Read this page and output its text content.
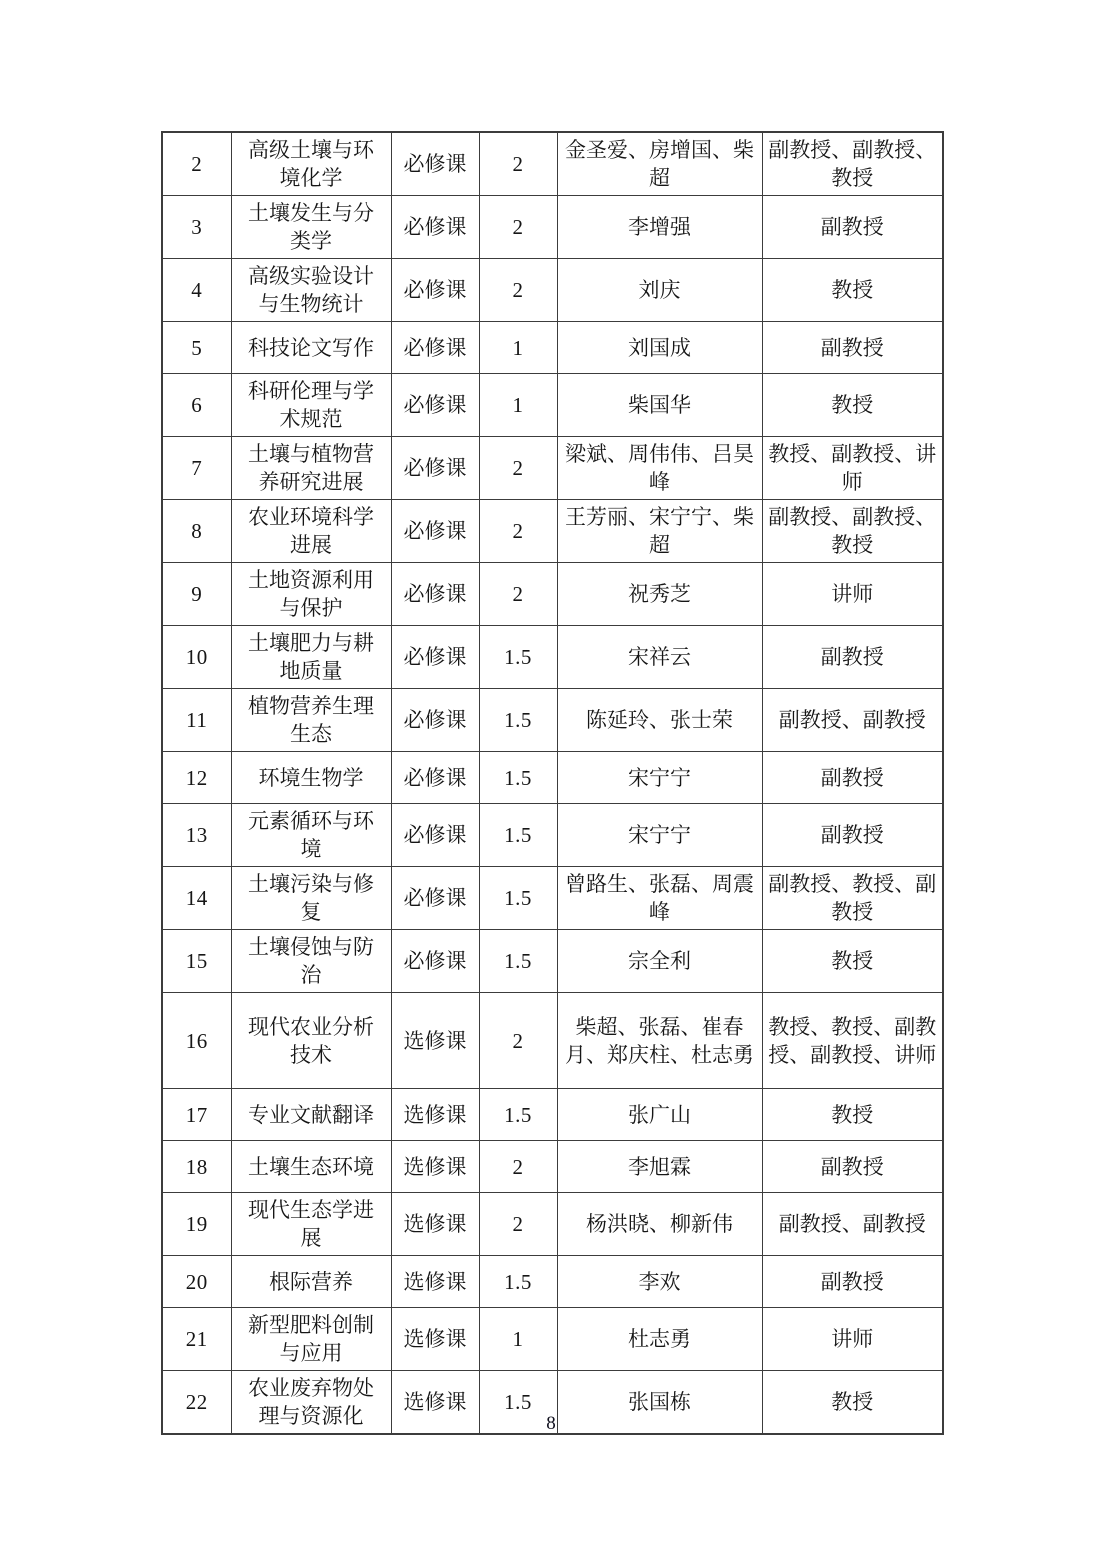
2	高级土壤与环境化学	必修课	2	金圣爱、房增国、柴超	副教授、副教授、教授
3	土壤发生与分类学	必修课	2	李增强	副教授
4	高级实验设计与生物统计	必修课	2	刘庆	教授
5	科技论文写作	必修课	1	刘国成	副教授
6	科研伦理与学术规范	必修课	1	柴国华	教授
7	土壤与植物营养研究进展	必修课	2	梁斌、周伟伟、吕昊峰	教授、副教授、讲师
8	农业环境科学进展	必修课	2	王芳丽、宋宁宁、柴超	副教授、副教授、教授
9	土地资源利用与保护	必修课	2	祝秀芝	讲师
10	土壤肥力与耕地质量	必修课	1.5	宋祥云	副教授
11	植物营养生理生态	必修课	1.5	陈延玲、张士荣	副教授、副教授
12	环境生物学	必修课	1.5	宋宁宁	副教授
13	元素循环与环境	必修课	1.5	宋宁宁	副教授
14	土壤污染与修复	必修课	1.5	曾路生、张磊、周震峰	副教授、教授、副教授
15	土壤侵蚀与防治	必修课	1.5	宗全利	教授
16	现代农业分析技术	选修课	2	柴超、张磊、崔春月、郑庆柱、杜志勇	教授、教授、副教授、副教授、讲师
17	专业文献翻译	选修课	1.5	张广山	教授
18	土壤生态环境	选修课	2	李旭霖	副教授
19	现代生态学进展	选修课	2	杨洪晓、柳新伟	副教授、副教授
20	根际营养	选修课	1.5	李欢	副教授
21	新型肥料创制与应用	选修课	1	杜志勇	讲师
22	农业废弃物处理与资源化	选修课	1.5	张国栋	教授
8
